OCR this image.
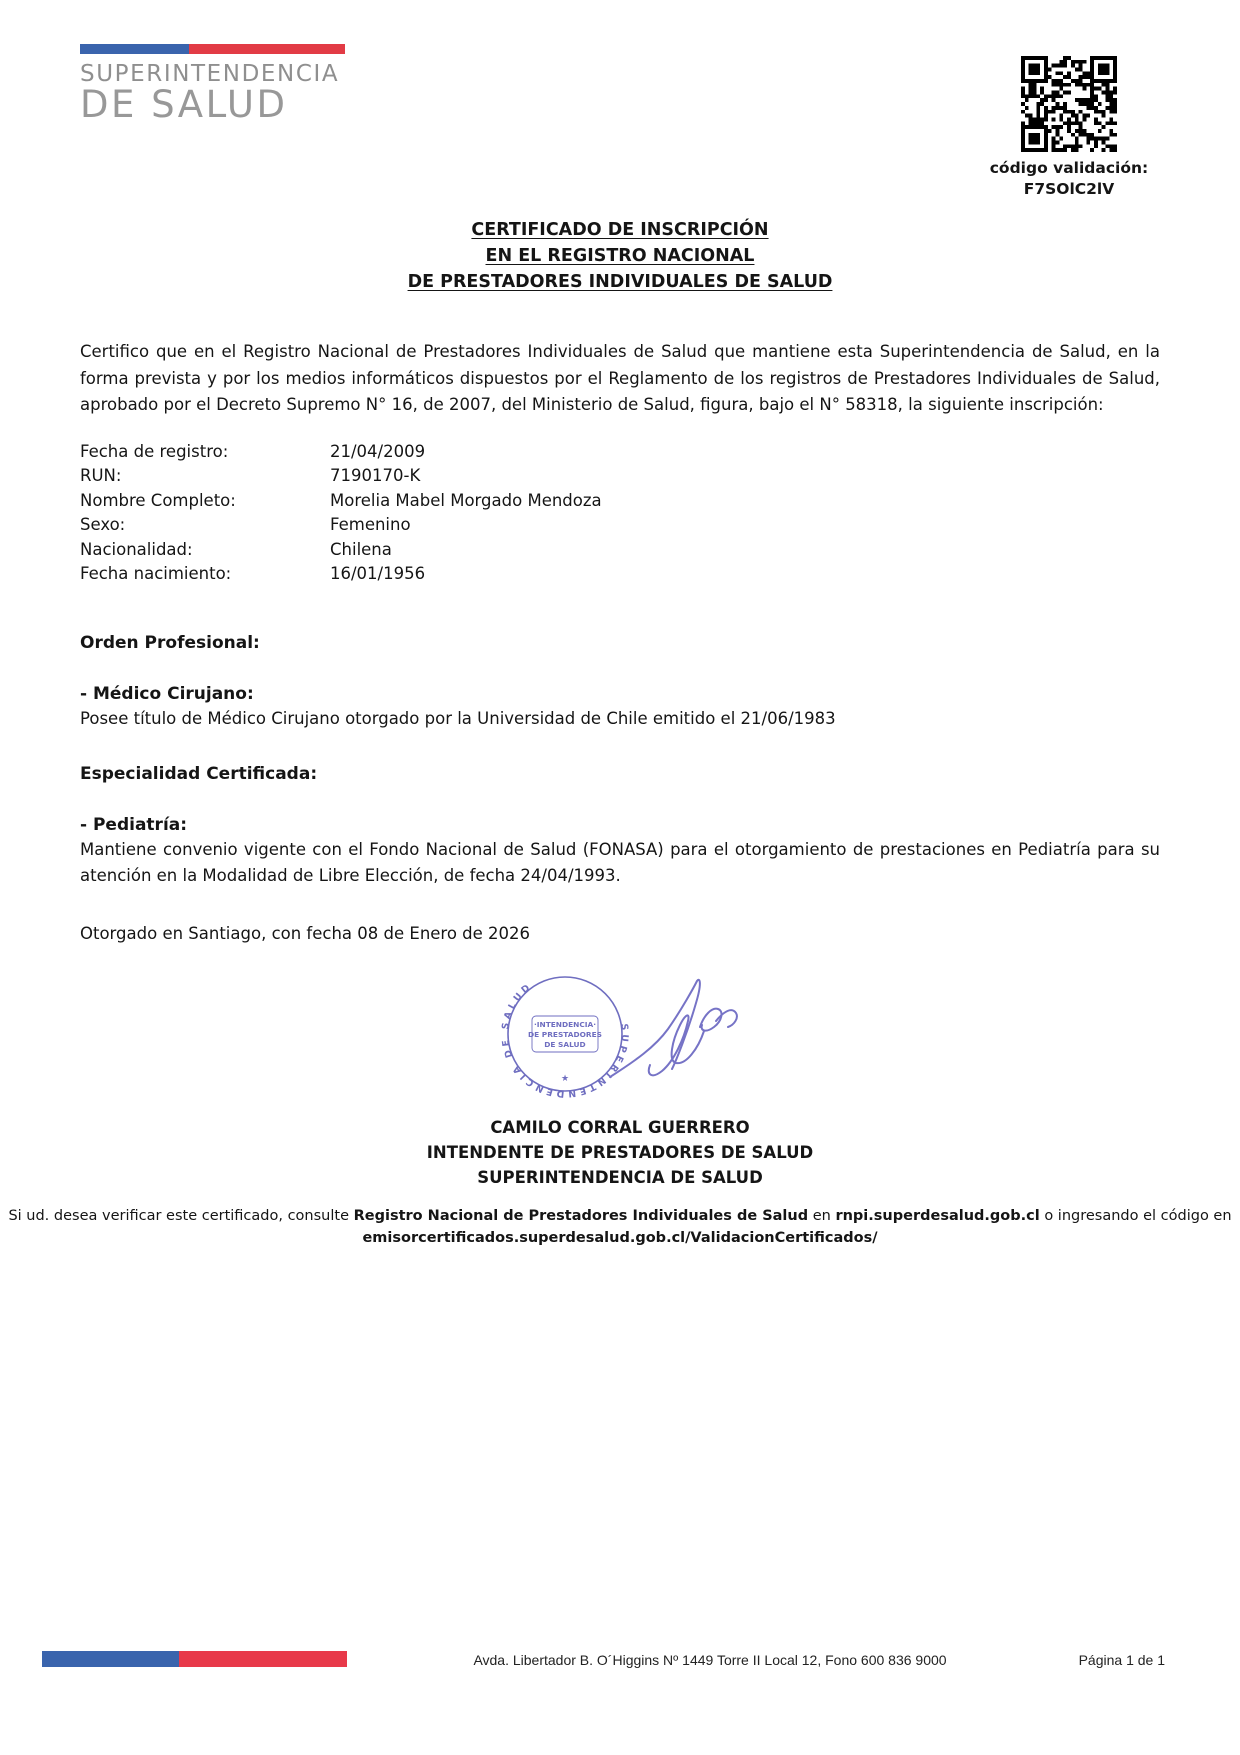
SUPERINTENDENCIA
DE SALUD
código validación:
F7SOlC2lV
CERTIFICADO DE INSCRIPCIÓN
EN EL REGISTRO NACIONAL
DE PRESTADORES INDIVIDUALES DE SALUD

Certifico que en el Registro Nacional de Prestadores Individuales de Salud que mantiene esta Superintendencia de Salud, en la forma prevista y por los medios informáticos dispuestos por el Reglamento de los registros de Prestadores Individuales de Salud, aprobado por el Decreto Supremo N° 16, de 2007, del Ministerio de Salud, figura, bajo el N° 58318, la siguiente inscripción:

Fecha de registro:	21/04/2009
RUN:	7190170-K
Nombre Completo:	Morelia Mabel Morgado Mendoza
Sexo:	Femenino
Nacionalidad:	Chilena
Fecha nacimiento:	16/01/1956
Orden Profesional:
- Médico Cirujano:

Posee título de Médico Cirujano otorgado por la Universidad de Chile emitido el 21/06/1983

Especialidad Certificada:
- Pediatría:

Mantiene convenio vigente con el Fondo Nacional de Salud (FONASA) para el otorgamiento de prestaciones en Pediatría para su atención en la Modalidad de Libre Elección, de fecha 24/04/1993.

Otorgado en Santiago, con fecha 08 de Enero de 2026

SUPERINTENDENCIA DE SALUD
·INTENDENCIA·
DE PRESTADORES
DE SALUD
★
CAMILO CORRAL GUERRERO
INTENDENTE DE PRESTADORES DE SALUD
SUPERINTENDENCIA DE SALUD
Si ud. desea verificar este certificado, consulte Registro Nacional de Prestadores Individuales de Salud en rnpi.superdesalud.gob.cl o ingresando el código en emisorcertificados.superdesalud.gob.cl/ValidacionCertificados/
Avda. Libertador B. O´Higgins Nº 1449 Torre II Local 12, Fono 600 836 9000	Página 1 de 1
